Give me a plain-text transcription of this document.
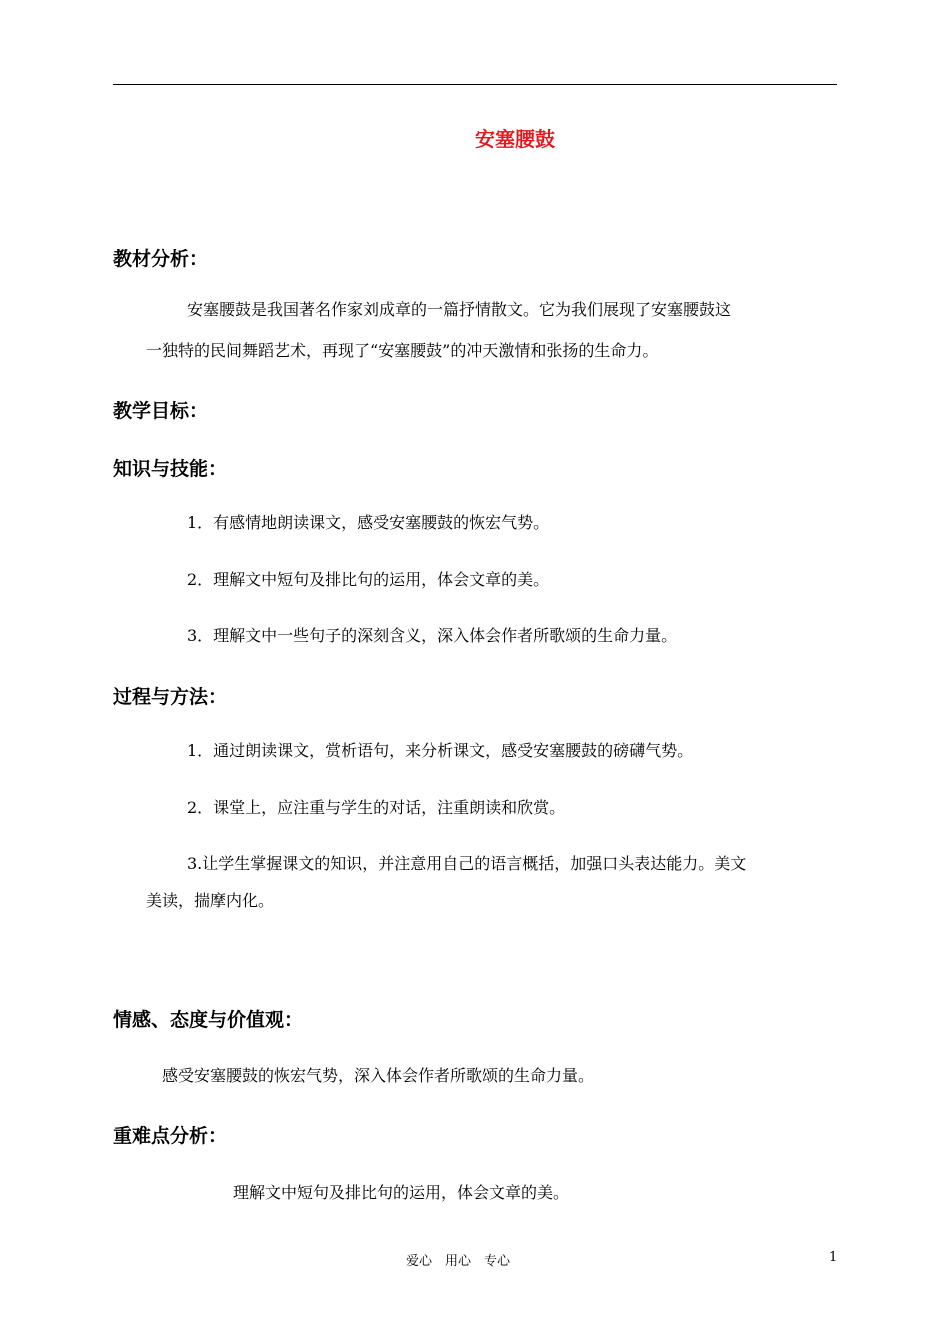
安塞腰鼓
教材分析：
安塞腰鼓是我国著名作家刘成章的一篇抒情散文。它为我们展现了安塞腰鼓这
一独特的民间舞蹈艺术，再现了“安塞腰鼓”的冲天激情和张扬的生命力。
教学目标：
知识与技能：
1．有感情地朗读课文，感受安塞腰鼓的恢宏气势。
2．理解文中短句及排比句的运用，体会文章的美。
3．理解文中一些句子的深刻含义，深入体会作者所歌颂的生命力量。
过程与方法：
1．通过朗读课文，赏析语句，来分析课文，感受安塞腰鼓的磅礴气势。
2．课堂上，应注重与学生的对话，注重朗读和欣赏。
3.让学生掌握课文的知识，并注意用自己的语言概括，加强口头表达能力。美文
美读，揣摩内化。
情感、态度与价值观：
感受安塞腰鼓的恢宏气势，深入体会作者所歌颂的生命力量。
重难点分析：
理解文中短句及排比句的运用，体会文章的美。
爱心　用心　专心	1
